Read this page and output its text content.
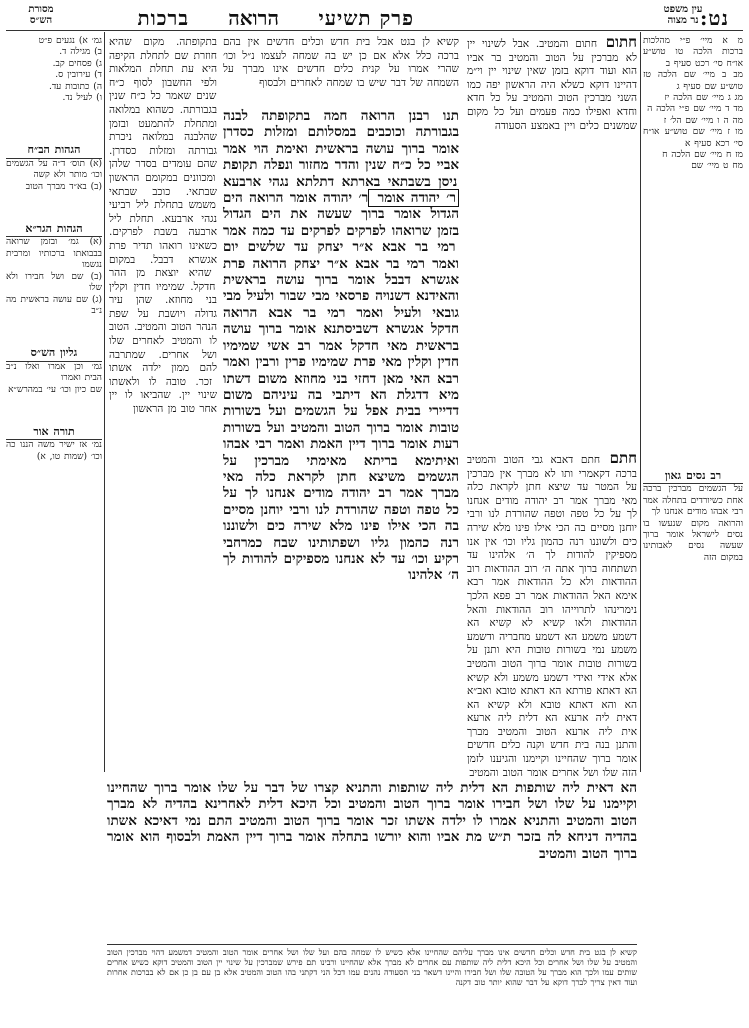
נט:
הרואה פרק תשיעי
ברכות	עין משפט
נר מצוה
מסורת
הש״ס
מ א מיי׳ פ״י מהלכות ברכות הלכה טו טוש״ע או״ח סי׳ רכט סעיף ב
מב ב מיי׳ שם הלכה טז טוש״ע שם סעיף ג
מג ג מיי׳ שם הלכה יז
מד ד מיי׳ שם פ״י הלכה ה
מה ה ו מיי׳ שם הל׳ ז
מו ז מיי׳ שם טוש״ע או״ח סי׳ רכא סעיף א
מז ח מיי׳ שם הלכה ח
מח ט מיי׳ שם
רב נסים גאון
על הגשמים מברכין ברכה אחת כשיורדים בתחלה אמר רבי אבהו מודים אנחנו לך
והרואה מקום שנעשו בו נסים לישראל אומר ברוך שעשה נסים לאבותינו במקום הזה
חתום חתום והמטיב. אבל לשינוי יין לא מברכין על הטוב והמטיב בר אביו הוא ועוד דוקא בזמן שאין שינוי יין וי״מ דהיינו דוקא כשלא היה הראשון יפה כמו השני מברכין הטוב והמטיב על כל חדא וחדא ואפילו כמה פעמים ועל כל מקום שמשנים כלים ויין באמצע הסעודה
חתם חתם דאבא גבי הטוב והמטיב ברכה דקאמרי ותו לא מברך אין מברכין על המטר עד שיצא חתן לקראת כלה מאי מברך אמר רב יהודה מודים אנחנו לך על כל טפה וטפה שהורדת לנו ורבי יוחנן מסיים בה הכי אילו פינו מלא שירה כים ולשוננו רנה כהמון גליו וכו׳ אין אנו מספיקין להודות לך ה׳ אלהינו עד תשתחוה ברוך אתה ה׳ רוב ההודאות רוב ההודאות ולא כל ההודאות אמר רבא אימא האל ההודאות אמר רב פפא הלכך נימרינהו לתרוייהו רוב ההודאות והאל ההודאות ולאו קשיא לא קשיא הא דשמע משמע הא דשמע מחבריה ודשמע משמע נמי בשורות טובות היא ותנן על בשורות טובות אומר ברוך הטוב והמטיב אלא אידי ואידי דשמע משמע ולא קשיא הא דאתא פורתא הא דאתא טובא ואב״א הא והא דאתא טובא ולא קשיא הא דאית ליה ארעא הא דלית ליה ארעא אית ליה ארעא הטוב והמטיב מברך והתנן בנה בית חדש וקנה כלים חדשים אומר ברוך שהחיינו וקיימנו והגיענו לזמן הזה שלו ושל אחרים אומר הטוב והמטיב
תנו רבנן הרואה חמה בתקופתה לבנה בגבורתה וכוכבים במסלותם ומזלות כסדרן אומר ברוך עושה בראשית ואימת הוי אמר אביי כל כ״ח שנין והדר מחזור ונפלה תקופת ניסן בשבתאי בארתא דתלתא נגהי ארבעא ר׳ יהודה אומר ר׳ יהודה אומר הרואה הים הגדול אומר ברוך שעשה את הים הגדול בזמן שרואהו לפרקים לפרקים עד כמה אמר רמי בר אבא א״ר יצחק עד שלשים יום ואמר רמי בר אבא א״ר יצחק הרואה פרת אגשרא דבבל אומר ברוך עושה בראשית והאידנא דשנויה פרסאי מבי שבור ולעיל מבי גובאי ולעיל ואמר רמי בר אבא הרואה חדקל אגשרא דשביסתנא אומר ברוך עושה בראשית מאי חדקל אמר רב אשי שמימיו חדין וקלין מאי פרת שמימיו פרין ורבין ואמר רבא האי מאן דחזי בני מחוזא משום דשתו מיא דדגלת הא דיתבי בה עיניהם משום דדיירי בבית אפל על הגשמים ועל בשורות טובות אומר ברוך הטוב והמטיב ועל בשורות רעות אומר ברוך דיין האמת ואמר רבי אבהו ואיתימא בריתא מאימתי מברכין על הגשמים משיצא חתן לקראת כלה מאי מברך אמר רב יהודה מודים אנחנו לך על כל טפה וטפה שהורדת לנו ורבי יוחנן מסיים בה הכי אילו פינו מלא שירה כים ולשוננו רנה כהמון גליו ושפתותינו שבח כמרחבי רקיע וכו׳ עד לא אנחנו מספיקים להודות לך ה׳ אלהינו
הא דאית ליה שותפות הא דלית ליה שותפות והתניא קצרו של דבר על שלו אומר ברוך שהחיינו וקיימנו על שלו ושל חבירו אומר ברוך הטוב והמטיב וכל היכא דלית לאחרינא בהדיה לא מברך הטוב והמטיב והתניא אמרו לו ילדה אשתו זכר אומר ברוך הטוב והמטיב התם נמי דאיכא אשתו בהדיה דניחא לה בזכר ת״ש מת אביו והוא יורשו בתחלה אומר ברוך דיין האמת ולבסוף הוא אומר ברוך הטוב והמטיב
בתקופתה. מקום שהיא חוזרת שם לתחלת הקיפה היא עת תחלת המלאות ולפי החשבון לסוף כ״ח שנים שאמר כל כ״ח שנין בגבורתה. כשהוא במלואה ומתחלת להתמעט ובזמן שהלבנה במלואה ניכרת גבורתה ומזלות כסדרן. שהם עומדים בסדר שלהן ומכוונים במקומם הראשון שבתאי. כוכב שבתאי משמש בתחלת ליל רביעי נגהי ארבעא. תחלת ליל ארבעה בשבת לפרקים. כשאינו רואהו תדיר פרת אגשרא דבבל. במקום שהיא יוצאת מן ההר חדקל. שמימיו חדין וקלין בני מחוזא. שהן עיר גדולה ויושבת על שפת הנהר הטוב והמטיב. הטוב לו והמטיב לאחרים שלו ושל אחרים. שמתרבה להם ממון ילדה אשתו זכר. טובה לו ולאשתו שינוי יין. שהביאו לו יין אחר טוב מן הראשון
קשיא לן בגט אבל בית חדש וכלים חדשים אין בהם ברכה כלל אלא אם כן יש בה שמחה לעצמו נ״ל וכו׳ שהרי אמרו על קנית כלים חדשים אינו מברך על השמחה של דבר שיש בו שמחה לאחרים ולבסוף
גמ׳ א) נגעים פ״ט
ב) מגילה ד.
ג) פסחים קב.
ד) עירובין ס.
ה) כתובות עד.
ו) לעיל נד.
הגהות הב״ח
(א) תוס׳ ד״ה על הגשמים וכו׳ מותר ולא קשה
(ב) בא״ד מברך הטוב
הגהות הגר״א
(א) גמ׳ ובזמן שרואה בבבואתו ברכותיו ומרבית נגשמו
(ב) שם ושל חבירו ולא שלו
(ג) שם עושה בראשית מה נ״ב
גליון הש״ס
גמ׳ וכן אמרו ואלו נ״ב הבית ואמרו
שם כיון וכו׳ עי׳ במהרש״א
תורה אור
נמ׳ אז ישיר משה הננו כה וכו׳ (שמות טו, א)
קשיא לן בגט בית חדש וכלים חדשים אינו מברך עליהם שהחיינו אלא כשיש לו שמחה בהם ועל שלו ושל אחרים אומר הטוב והמטיב דמשמע דהוי מברכין הטוב והמטיב על שלו ושל אחרים וכל היכא דלית ליה שותפות עם אחרים לא מברך אלא שהחיינו ורבינו תם פירש שמברכין על שינוי יין הטוב והמטיב דוקא כשיש אחרים שותים עמו ולכך הוא מברך על הטובה שלו ושל חבירו והיינו דשאר בני הסעודה נהנים עמו דכל הני דקתני בהו הטוב והמטיב אלא בן עם בן כן אם לא בברכות אחרות ועוד דאין צריך לברך דוקא על דבר שהוא יותר טוב דקנה
